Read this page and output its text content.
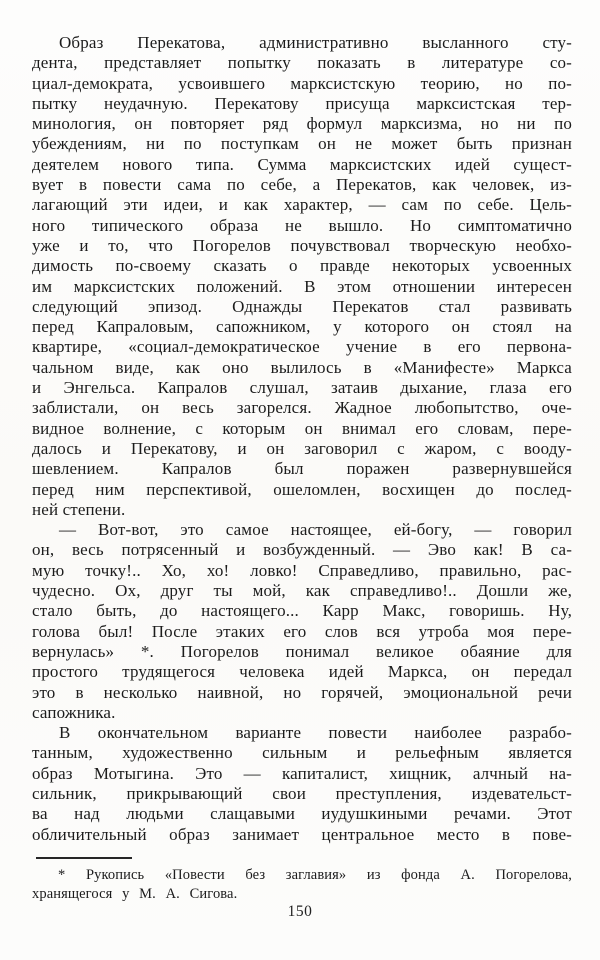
Образ Перекатова, административно высланного сту-
дента, представляет попытку показать в литературе со-
циал-демократа, усвоившего марксистскую теорию, но по-
пытку неудачную. Перекатову присуща марксистская тер-
минология, он повторяет ряд формул марксизма, но ни по
убеждениям, ни по поступкам он не может быть признан
деятелем нового типа. Сумма марксистских идей сущест-
вует в повести сама по себе, а Перекатов, как человек, из-
лагающий эти идеи, и как характер, — сам по себе. Цель-
ного типического образа не вышло. Но симптоматично
уже и то, что Погорелов почувствовал творческую необхо-
димость по-своему сказать о правде некоторых усвоенных
им марксистских положений. В этом отношении интересен
следующий эпизод. Однажды Перекатов стал развивать
перед Капраловым, сапожником, у которого он стоял на
квартире, «социал-демократическое учение в его первона-
чальном виде, как оно вылилось в «Манифесте» Маркса
и Энгельса. Капралов слушал, затаив дыхание, глаза его
заблистали, он весь загорелся. Жадное любопытство, оче-
видное волнение, с которым он внимал его словам, пере-
далось и Перекатову, и он заговорил с жаром, с вооду-
шевлением. Капралов был поражен развернувшейся
перед ним перспективой, ошеломлен, восхищен до послед-
ней степени.
— Вот-вот, это самое настоящее, ей-богу, — говорил
он, весь потрясенный и возбужденный. — Эво как! В са-
мую точку!.. Хо, хо! ловко! Справедливо, правильно, рас-
чудесно. Ох, друг ты мой, как справедливо!.. Дошли же,
стало быть, до настоящего... Карр Макс, говоришь. Ну,
голова был! После этаких его слов вся утроба моя пере-
вернулась» *. Погорелов понимал великое обаяние для
простого трудящегося человека идей Маркса, он передал
это в несколько наивной, но горячей, эмоциональной речи
сапожника.
В окончательном варианте повести наиболее разрабо-
танным, художественно сильным и рельефным является
образ Мотыгина. Это — капиталист, хищник, алчный на-
сильник, прикрывающий свои преступления, издевательст-
ва над людьми слащавыми иудушкиными речами. Этот
обличительный образ занимает центральное место в пове-
* Рукопись «Повести без заглавия» из фонда А. Погорелова,
хранящегося у М. А. Сигова.
150
